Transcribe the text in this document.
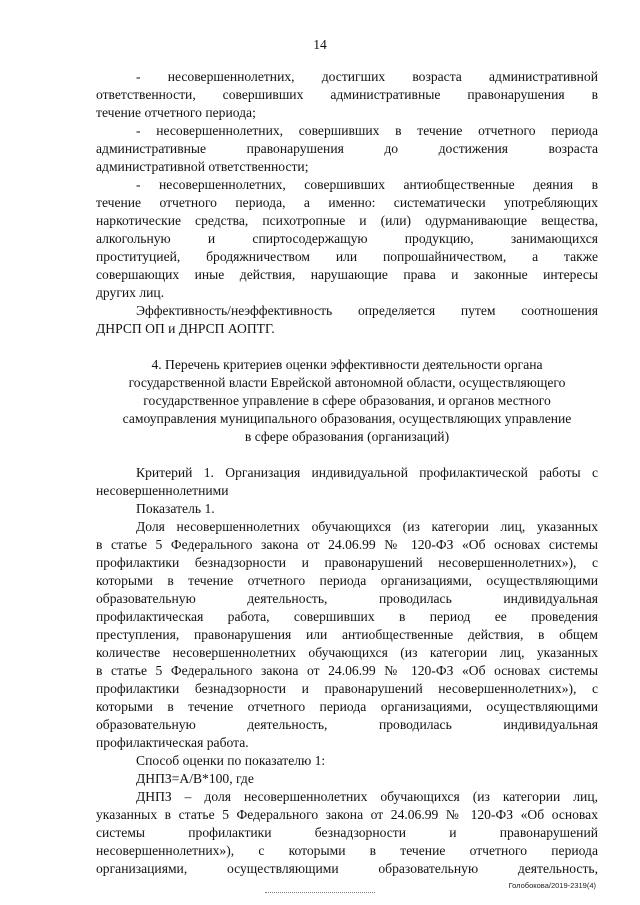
14
- несовершеннолетних, достигших возраста административной
ответственности, совершивших административные правонарушения в
течение отчетного периода;
- несовершеннолетних, совершивших в течение отчетного периода
административные правонарушения до достижения возраста
административной ответственности;
- несовершеннолетних, совершивших антиобщественные деяния в
течение отчетного периода, а именно: систематически употребляющих
наркотические средства, психотропные и (или) одурманивающие вещества,
алкогольную и спиртосодержащую продукцию, занимающихся
проституцией, бродяжничеством или попрошайничеством, а также
совершающих иные действия, нарушающие права и законные интересы
других лиц.
Эффективность/неэффективность определяется путем соотношения
ДНРСП ОП и ДНРСП АОПТГ.
4. Перечень критериев оценки эффективности деятельности органа
государственной власти Еврейской автономной области, осуществляющего
государственное управление в сфере образования, и органов местного
самоуправления муниципального образования, осуществляющих управление
в сфере образования (организаций)
Критерий 1. Организация индивидуальной профилактической работы с
несовершеннолетними
Показатель 1.
Доля несовершеннолетних обучающихся (из категории лиц, указанных
в статье 5 Федерального закона от 24.06.99 № 120-ФЗ «Об основах системы
профилактики безнадзорности и правонарушений несовершеннолетних»), с
которыми в течение отчетного периода организациями, осуществляющими
образовательную деятельность, проводилась индивидуальная
профилактическая работа, совершивших в период ее проведения
преступления, правонарушения или антиобщественные действия, в общем
количестве несовершеннолетних обучающихся (из категории лиц, указанных
в статье 5 Федерального закона от 24.06.99 № 120-ФЗ «Об основах системы
профилактики безнадзорности и правонарушений несовершеннолетних»), с
которыми в течение отчетного периода организациями, осуществляющими
образовательную деятельность, проводилась индивидуальная
профилактическая работа.
Способ оценки по показателю 1:
ДНПЗ=А/В*100, где
ДНПЗ – доля несовершеннолетних обучающихся (из категории лиц,
указанных в статье 5 Федерального закона от 24.06.99 № 120-ФЗ «Об основах
системы профилактики безнадзорности и правонарушений
несовершеннолетних»), с которыми в течение отчетного периода
организациями, осуществляющими образовательную деятельность,
Голобокова/2019-2319(4)
